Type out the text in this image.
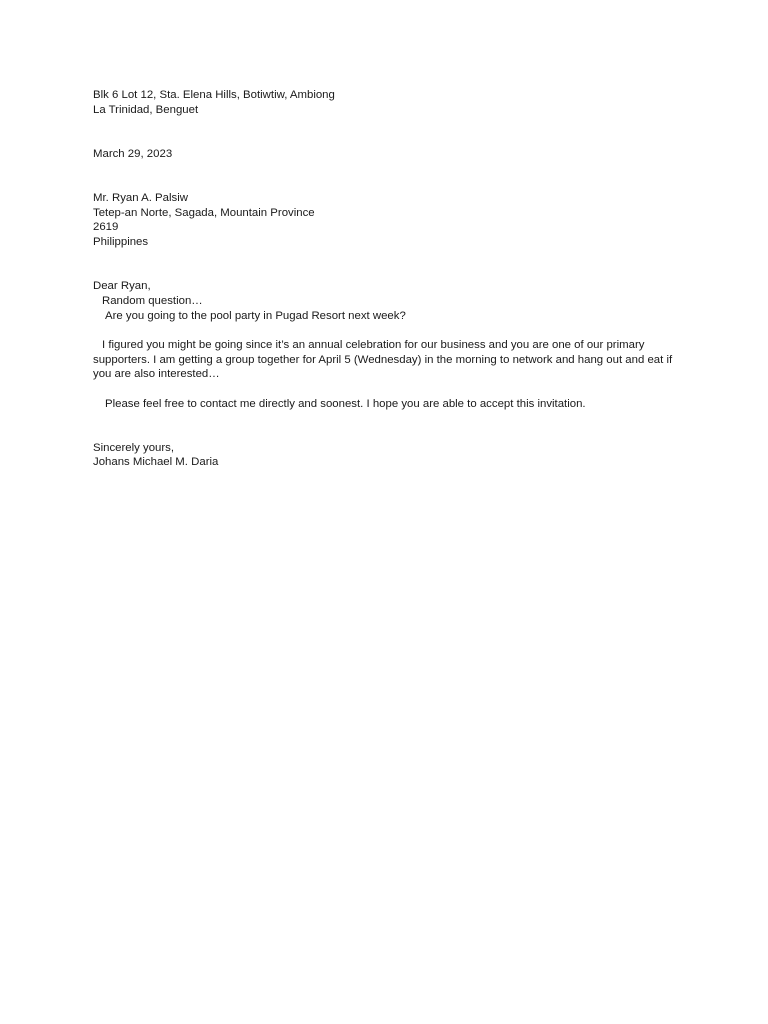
Blk 6 Lot 12, Sta. Elena Hills, Botiwtiw, Ambiong
La Trinidad, Benguet
March 29, 2023
Mr. Ryan A. Palsiw
Tetep-an Norte, Sagada, Mountain Province
2619
Philippines
Dear Ryan,
Random question…
Are you going to the pool party in Pugad Resort next week?

I figured you might be going since it’s an annual celebration for our business and you are one of our primary supporters. I am getting a group together for April 5 (Wednesday) in the morning to network and hang out and eat if you are also interested…

Please feel free to contact me directly and soonest. I hope you are able to accept this invitation.
Sincerely yours,
Johans Michael M. Daria
